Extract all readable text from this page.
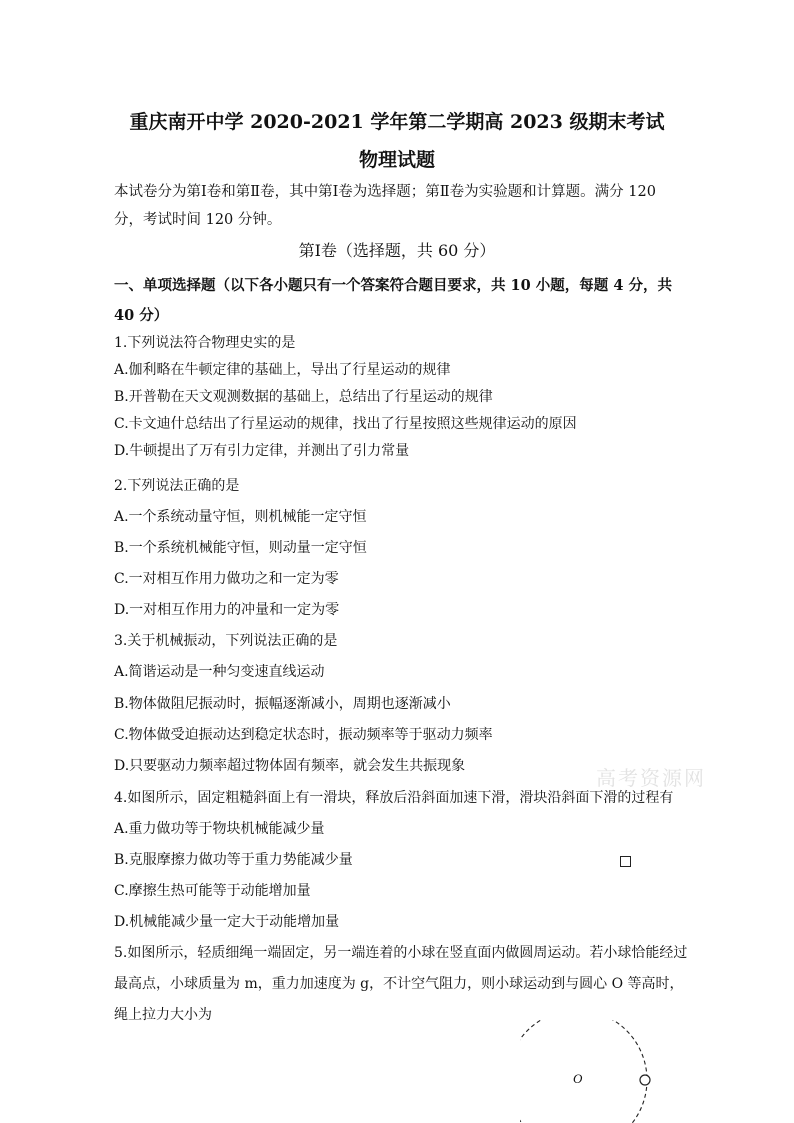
重庆南开中学 2020-2021 学年第二学期高 2023 级期末考试
物理试题
本试卷分为第Ⅰ卷和第Ⅱ卷，其中第Ⅰ卷为选择题；第Ⅱ卷为实验题和计算题。满分 120 分，考试时间 120 分钟。
第Ⅰ卷（选择题，共 60 分）
一、单项选择题（以下各小题只有一个答案符合题目要求，共 10 小题，每题 4 分，共 40 分）
1.下列说法符合物理史实的是
A.伽利略在牛顿定律的基础上，导出了行星运动的规律
B.开普勒在天文观测数据的基础上，总结出了行星运动的规律
C.卡文迪什总结出了行星运动的规律，找出了行星按照这些规律运动的原因
D.牛顿提出了万有引力定律，并测出了引力常量
2.下列说法正确的是
A.一个系统动量守恒，则机械能一定守恒
B.一个系统机械能守恒，则动量一定守恒
C.一对相互作用力做功之和一定为零
D.一对相互作用力的冲量和一定为零
3.关于机械振动，下列说法正确的是
A.简谐运动是一种匀变速直线运动
B.物体做阻尼振动时，振幅逐渐减小，周期也逐渐减小
C.物体做受迫振动达到稳定状态时，振动频率等于驱动力频率
D.只要驱动力频率超过物体固有频率，就会发生共振现象	高考资源网
4.如图所示，固定粗糙斜面上有一滑块，释放后沿斜面加速下滑，滑块沿斜面下滑的过程有
A.重力做功等于物块机械能减少量
B.克服摩擦力做功等于重力势能减少量
C.摩擦生热可能等于动能增加量
D.机械能减少量一定大于动能增加量
5.如图所示，轻质细绳一端固定，另一端连着的小球在竖直面内做圆周运动。若小球恰能经过最高点，小球质量为 m，重力加速度为 g，不计空气阻力，则小球运动到与圆心 O 等高时，绳上拉力大小为
O
